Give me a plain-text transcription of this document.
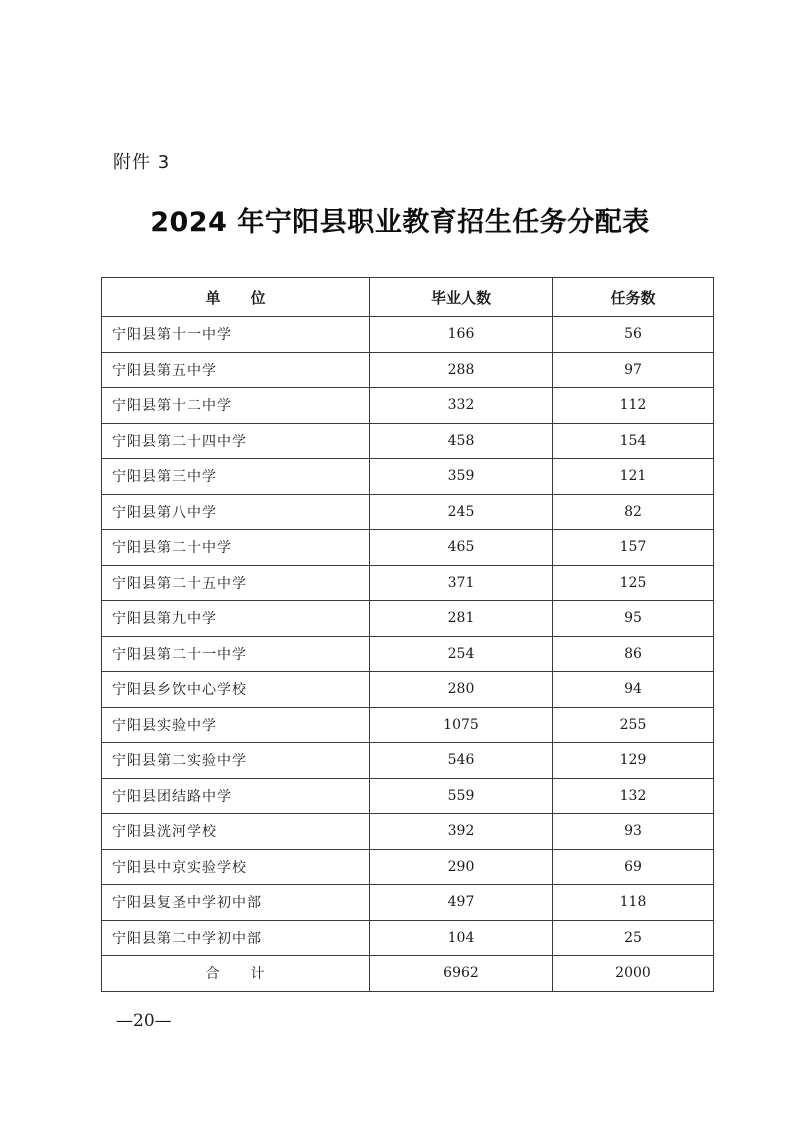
附件 3
2024 年宁阳县职业教育招生任务分配表
单　　位	毕业人数	任务数
宁阳县第十一中学	166	56
宁阳县第五中学	288	97
宁阳县第十二中学	332	112
宁阳县第二十四中学	458	154
宁阳县第三中学	359	121
宁阳县第八中学	245	82
宁阳县第二十中学	465	157
宁阳县第二十五中学	371	125
宁阳县第九中学	281	95
宁阳县第二十一中学	254	86
宁阳县乡饮中心学校	280	94
宁阳县实验中学	1075	255
宁阳县第二实验中学	546	129
宁阳县团结路中学	559	132
宁阳县洸河学校	392	93
宁阳县中京实验学校	290	69
宁阳县复圣中学初中部	497	118
宁阳县第二中学初中部	104	25
合　　计	6962	2000
—20—
